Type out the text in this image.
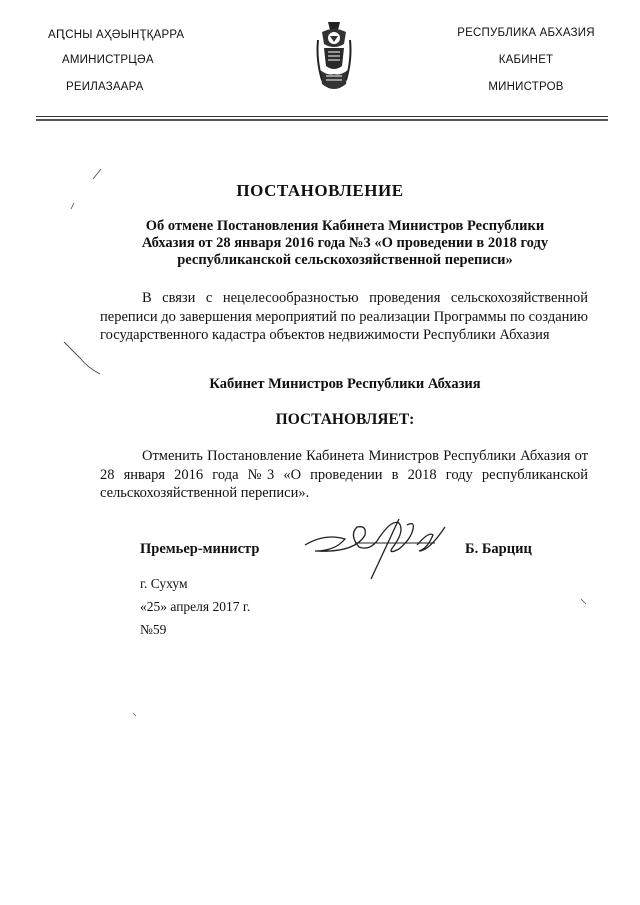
АԤСНЫ АҲӘЫНҬҚАРРА
АМИНИСТРЦӘА
РЕИЛАЗААРА
РЕСПУБЛИКА АБХАЗИЯ
КАБИНЕТ
МИНИСТРОВ
ПОСТАНОВЛЕНИЕ
Об отмене Постановления Кабинета Министров Республики
Абхазия от 28 января 2016 года №3 «О проведении в 2018 году
республиканской сельскохозяйственной переписи»
В связи с нецелесообразностью проведения сельскохозяйственной переписи до завершения мероприятий по реализации Программы по созданию государственного кадастра объектов недвижимости Республики Абхазия
Кабинет Министров Республики Абхазия
ПОСТАНОВЛЯЕТ:
Отменить Постановление Кабинета Министров Республики Абхазия от 28 января 2016 года №3 «О проведении в 2018 году республиканской сельскохозяйственной переписи».
Премьер-министр	Б. Барциц
г. Сухум
«25» апреля 2017 г.
№59
